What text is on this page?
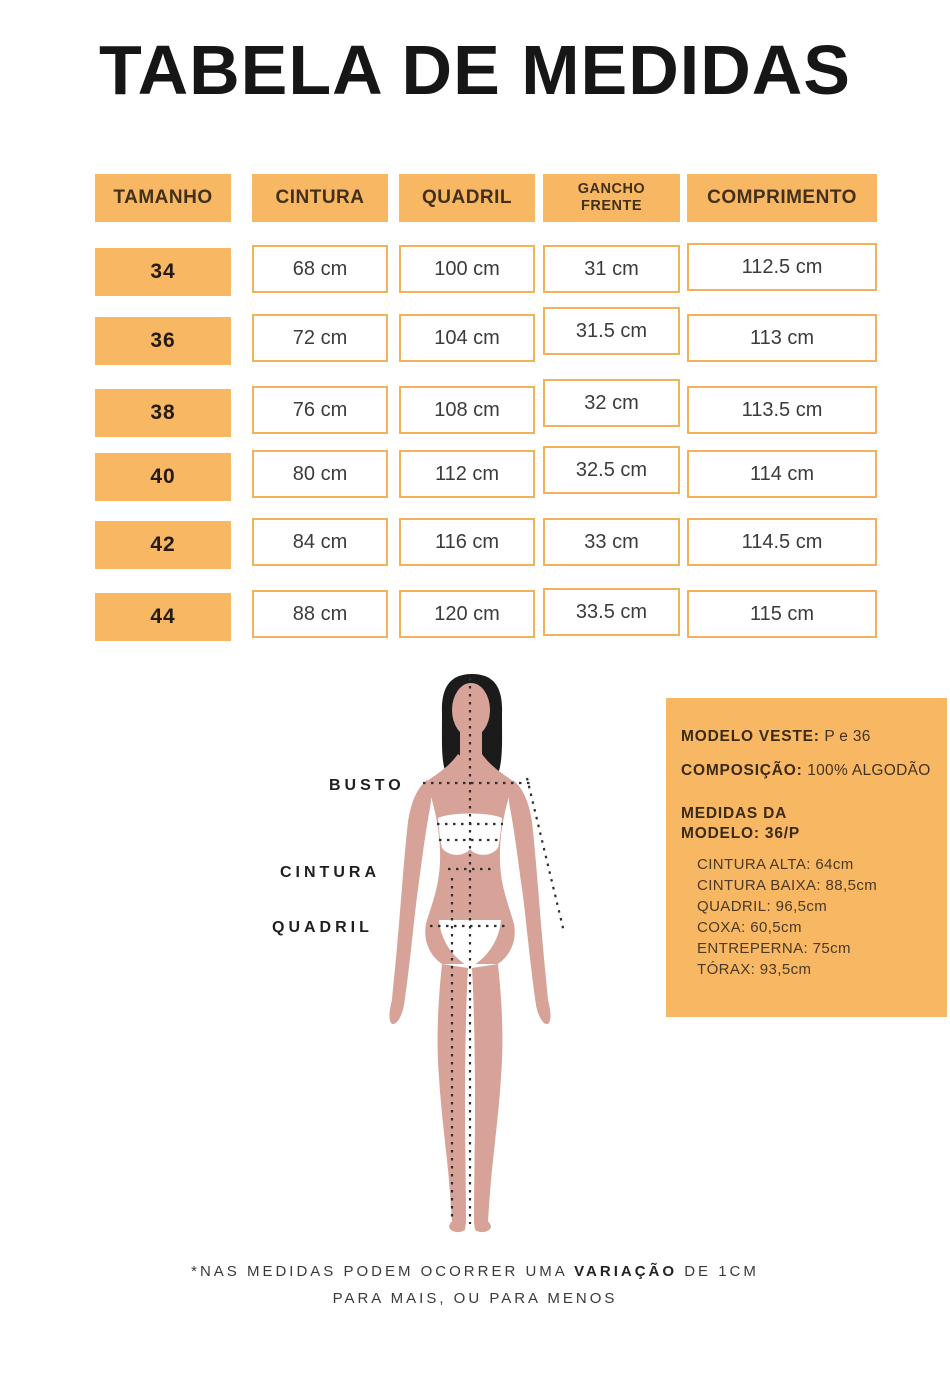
TABELA DE MEDIDAS
TAMANHO	CINTURA	QUADRIL	GANCHO FRENTE	COMPRIMENTO
34	68 cm	100 cm	31 cm	112.5 cm
36	72 cm	104 cm	31.5 cm	113 cm
38	76 cm	108 cm	32 cm	113.5 cm
40	80 cm	112 cm	32.5 cm	114 cm
42	84 cm	116 cm	33 cm	114.5 cm
44	88 cm	120 cm	33.5 cm	115 cm
BUSTO
CINTURA
QUADRIL

MODELO VESTE: P e 36

COMPOSIÇÃO: 100% ALGODÃO

MEDIDAS DA
MODELO: 36/P

CINTURA ALTA: 64cm
CINTURA BAIXA: 88,5cm
QUADRIL: 96,5cm
COXA: 60,5cm
ENTREPERNA: 75cm
TÓRAX: 93,5cm
*NAS MEDIDAS PODEM OCORRER UMA VARIAÇÃO DE 1CM
PARA MAIS, OU PARA MENOS
